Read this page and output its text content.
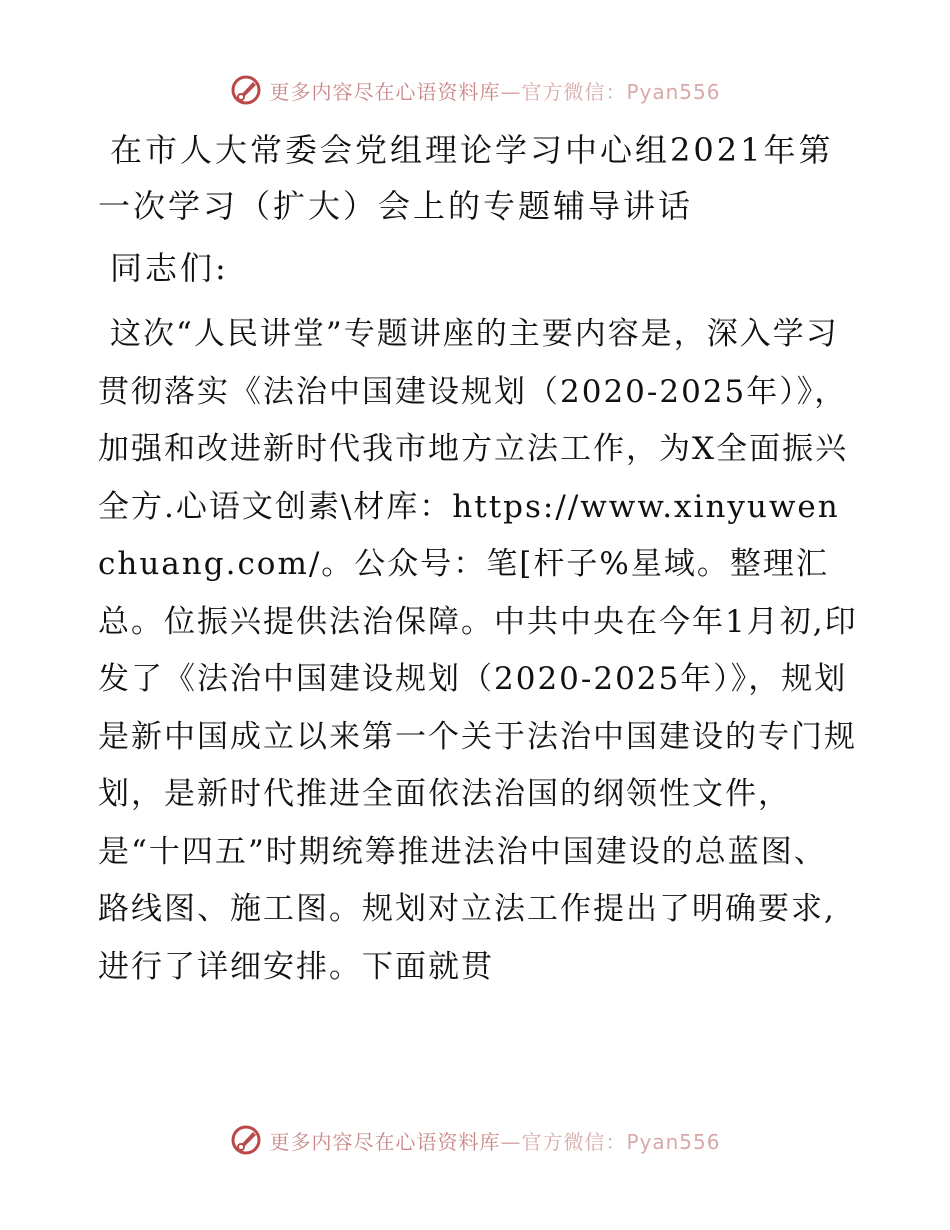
更多内容尽在心语资料库—官方微信：Pyan556
在市人大常委会党组理论学习中心组2021年第一次学习（扩大）会上的专题辅导讲话

同志们:

这次“人民讲堂”专题讲座的主要内容是，深入学习贯彻落实《法治中国建设规划（2020-2025年）》，加强和改进新时代我市地方立法工作，为X全面振兴全方.心语文创素\材库：https://www.xinyuwenchuang.com/。公众号：笔[杆子%星域。整理汇总。位振兴提供法治保障。中共中央在今年1月初,印发了《法治中国建设规划（2020-2025年）》，规划是新中国成立以来第一个关于法治中国建设的专门规划，是新时代推进全面依法治国的纲领性文件，是“十四五”时期统筹推进法治中国建设的总蓝图、路线图、施工图。规划对立法工作提出了明确要求,进行了详细安排。下面就贯

更多内容尽在心语资料库—官方微信：Pyan556
